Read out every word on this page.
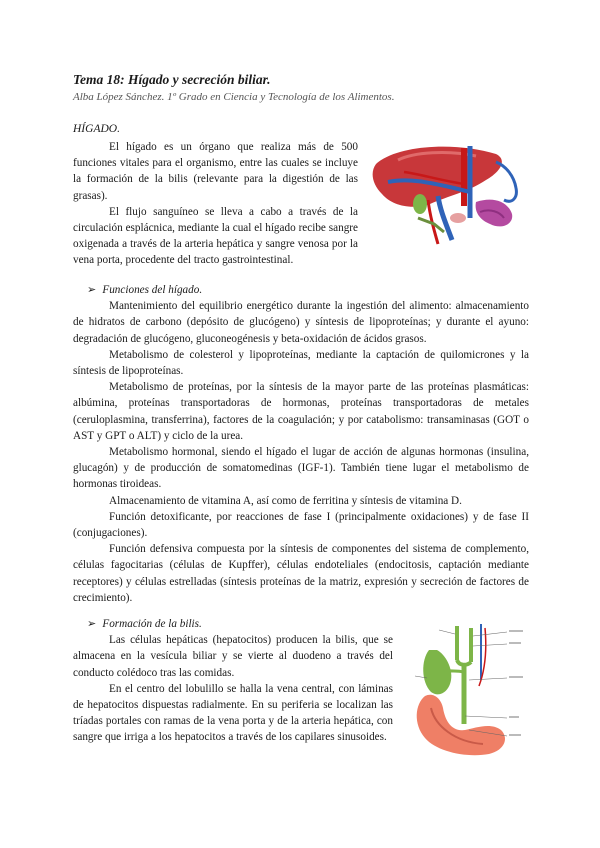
Tema 18: Hígado y secreción biliar.
Alba López Sánchez. 1º Grado en Ciencia y Tecnología de los Alimentos.
HÍGADO.

El hígado es un órgano que realiza más de 500 funciones vitales para el organismo, entre las cuales se incluye la formación de la bilis (relevante para la digestión de las grasas).

El flujo sanguíneo se lleva a cabo a través de la circulación esplácnica, mediante la cual el hígado recibe sangre oxigenada a través de la arteria hepática y sangre venosa por la vena porta, procedente del tracto gastrointestinal.

➢ Funciones del hígado.

Mantenimiento del equilibrio energético durante la ingestión del alimento: almacenamiento de hidratos de carbono (depósito de glucógeno) y síntesis de lipoproteínas; y durante el ayuno: degradación de glucógeno, gluconeogénesis y beta-oxidación de ácidos grasos.

Metabolismo de colesterol y lipoproteínas, mediante la captación de quilomicrones y la síntesis de lipoproteínas.

Metabolismo de proteínas, por la síntesis de la mayor parte de las proteínas plasmáticas: albúmina, proteínas transportadoras de hormonas, proteínas transportadoras de metales (ceruloplasmina, transferrina), factores de la coagulación; y por catabolismo: transaminasas (GOT o AST y GPT o ALT) y ciclo de la urea.

Metabolismo hormonal, siendo el hígado el lugar de acción de algunas hormonas (insulina, glucagón) y de producción de somatomedinas (IGF-1). También tiene lugar el metabolismo de hormonas tiroideas.

Almacenamiento de vitamina A, así como de ferritina y síntesis de vitamina D.

Función detoxificante, por reacciones de fase I (principalmente oxidaciones) y de fase II (conjugaciones).

Función defensiva compuesta por la síntesis de componentes del sistema de complemento, células fagocitarias (células de Kupffer), células endoteliales (endocitosis, captación mediante receptores) y células estrelladas (síntesis proteínas de la matriz, expresión y secreción de factores de crecimiento).

➢ Formación de la bilis.

Las células hepáticas (hepatocitos) producen la bilis, que se almacena en la vesícula biliar y se vierte al duodeno a través del conducto colédoco tras las comidas.

En el centro del lobulillo se halla la vena central, con láminas de hepatocitos dispuestas radialmente. En su periferia se localizan las tríadas portales con ramas de la vena porta y de la arteria hepática, con sangre que irriga a los hepatocitos a través de los capilares sinusoides.
